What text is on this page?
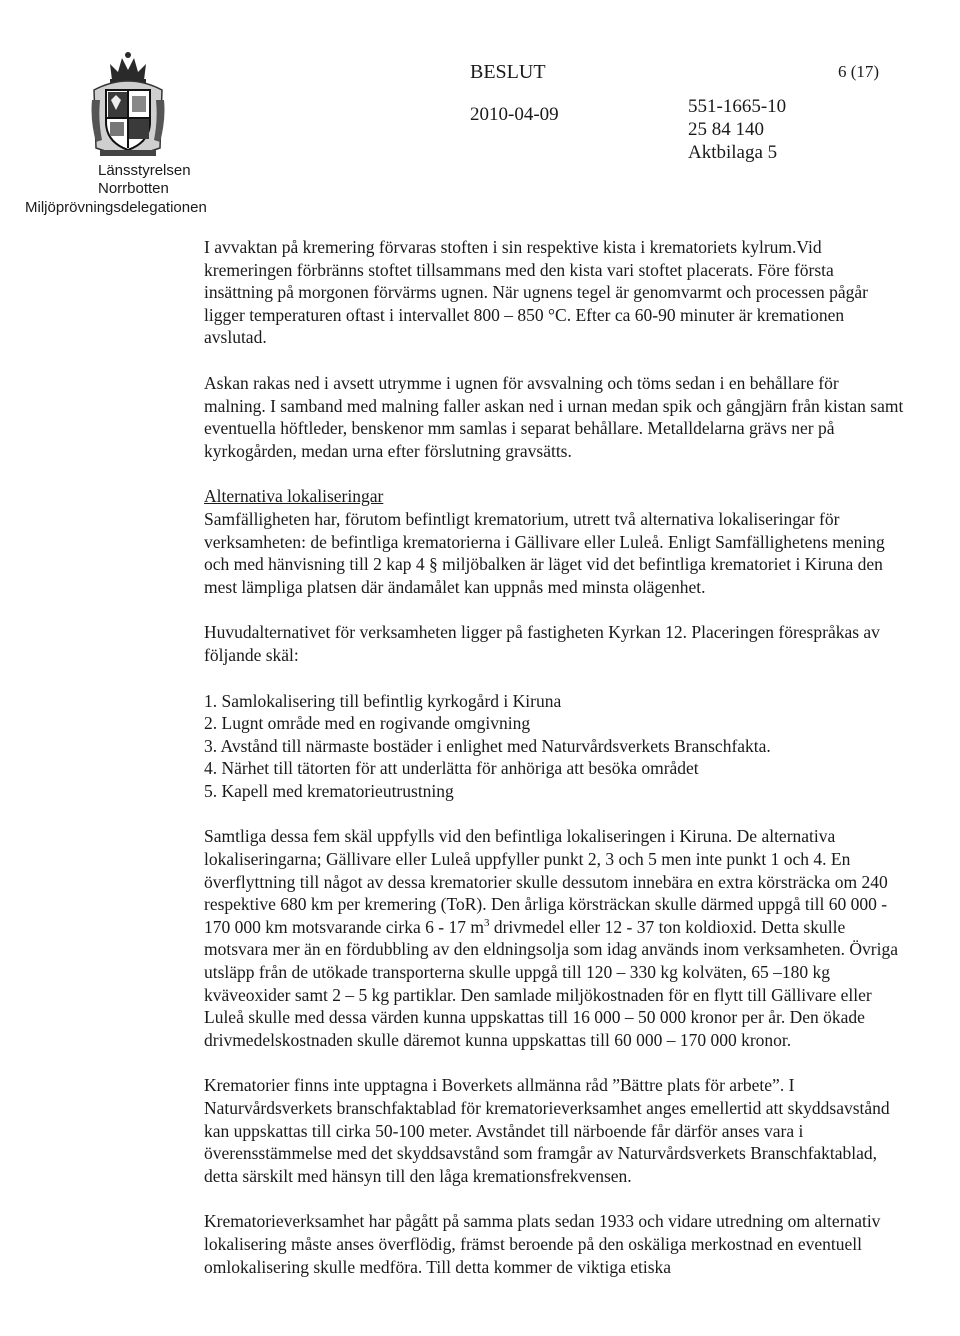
Länsstyrelsen
Norrbotten
Miljöprövningsdelegationen
BESLUT	6 (17)
2010-04-09	551-1665-10
25 84 140
Aktbilaga 5

I avvaktan på kremering förvaras stoften i sin respektive kista i krematoriets kylrum.Vid kremeringen förbränns stoftet tillsammans med den kista vari stoftet placerats. Före första insättning på morgonen förvärms ugnen. När ugnens tegel är genomvarmt och processen pågår ligger temperaturen oftast i intervallet 800 – 850 °C. Efter ca 60-90 minuter är kremationen avslutad.

Askan rakas ned i avsett utrymme i ugnen för avsvalning och töms sedan i en behållare för malning. I samband med malning faller askan ned i urnan medan spik och gångjärn från kistan samt eventuella höftleder, benskenor mm samlas i separat behållare. Metalldelarna grävs ner på kyrkogården, medan urna efter förslutning gravsätts.

Alternativa lokaliseringar

Samfälligheten har, förutom befintligt krematorium, utrett två alternativa lokaliseringar för verksamheten: de befintliga krematorierna i Gällivare eller Luleå. Enligt Samfällighetens mening och med hänvisning till 2 kap 4 § miljöbalken är läget vid det befintliga krematoriet i Kiruna den mest lämpliga platsen där ändamålet kan uppnås med minsta olägenhet.

Huvudalternativet för verksamheten ligger på fastigheten Kyrkan 12. Placeringen förespråkas av följande skäl:

1. Samlokalisering till befintlig kyrkogård i Kiruna
2. Lugnt område med en rogivande omgivning
3. Avstånd till närmaste bostäder i enlighet med Naturvårdsverkets Branschfakta.
4. Närhet till tätorten för att underlätta för anhöriga att besöka området
5. Kapell med krematorieutrustning

Samtliga dessa fem skäl uppfylls vid den befintliga lokaliseringen i Kiruna. De alternativa lokaliseringarna; Gällivare eller Luleå uppfyller punkt 2, 3 och 5 men inte punkt 1 och 4. En överflyttning till något av dessa krematorier skulle dessutom innebära en extra körsträcka om 240 respektive 680 km per kremering (ToR). Den årliga körsträckan skulle därmed uppgå till 60 000 - 170 000 km motsvarande cirka 6 - 17 $m^3$ drivmedel eller 12 - 37 ton koldioxid. Detta skulle motsvara mer än en fördubbling av den eldningsolja som idag används inom verksamheten. Övriga utsläpp från de utökade transporterna skulle uppgå till 120 – 330 kg kolväten, 65 –180 kg kväveoxider samt 2 – 5 kg partiklar. Den samlade miljökostnaden för en flytt till Gällivare eller Luleå skulle med dessa värden kunna uppskattas till 16 000 – 50 000 kronor per år. Den ökade drivmedelskostnaden skulle däremot kunna uppskattas till 60 000 – 170 000 kronor.

Krematorier finns inte upptagna i Boverkets allmänna råd ”Bättre plats för arbete”. I Naturvårdsverkets branschfaktablad för krematorieverksamhet anges emellertid att skyddsavstånd kan uppskattas till cirka 50-100 meter. Avståndet till närboende får därför anses vara i överensstämmelse med det skyddsavstånd som framgår av Naturvårdsverkets Branschfaktablad, detta särskilt med hänsyn till den låga kremationsfrekvensen.

Krematorieverksamhet har pågått på samma plats sedan 1933 och vidare utredning om alternativ lokalisering måste anses överflödig, främst beroende på den oskäliga merkostnad en eventuell omlokalisering skulle medföra. Till detta kommer de viktiga etiska
